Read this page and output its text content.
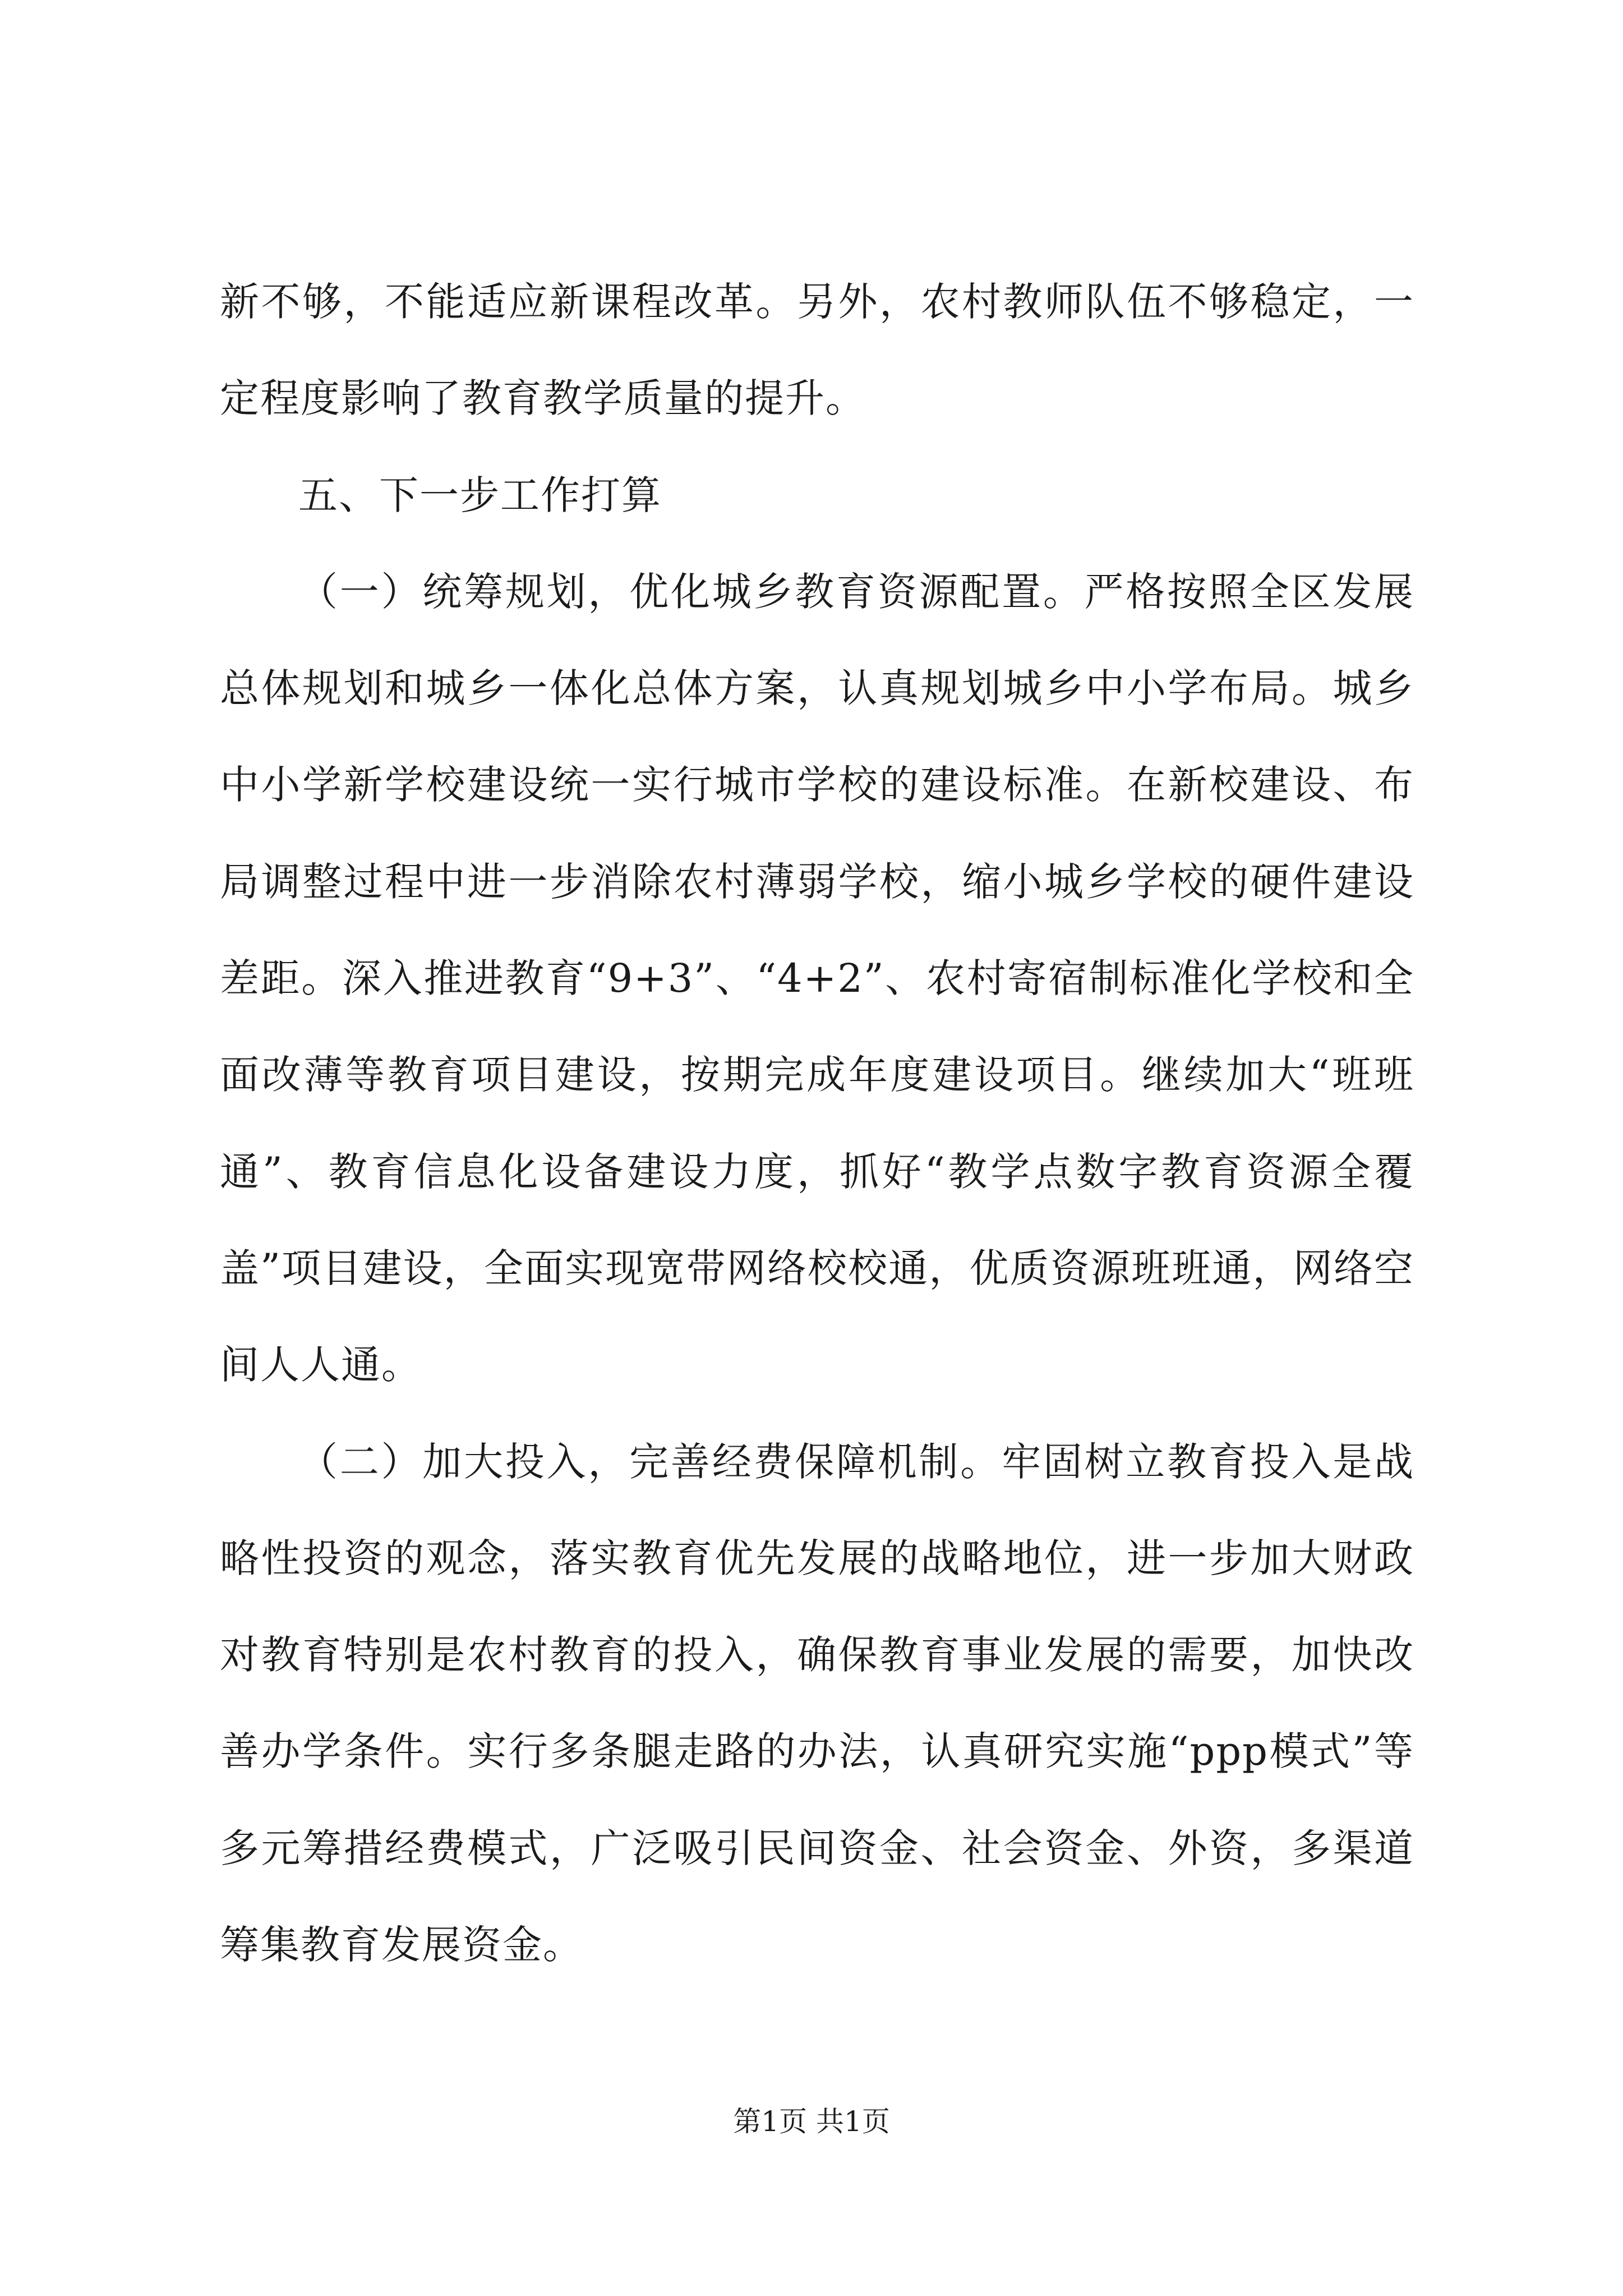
新不够，不能适应新课程改革。另外，农村教师队伍不够稳定，一定程度影响了教育教学质量的提升。

五、下一步工作打算

（一）统筹规划，优化城乡教育资源配置。严格按照全区发展总体规划和城乡一体化总体方案，认真规划城乡中小学布局。城乡中小学新学校建设统一实行城市学校的建设标准。在新校建设、布局调整过程中进一步消除农村薄弱学校，缩小城乡学校的硬件建设差距。深入推进教育“9+3”、“4+2”、农村寄宿制标准化学校和全面改薄等教育项目建设，按期完成年度建设项目。继续加大“班班通”、教育信息化设备建设力度，抓好“教学点数字教育资源全覆盖”项目建设，全面实现宽带网络校校通，优质资源班班通，网络空间人人通。

（二）加大投入，完善经费保障机制。牢固树立教育投入是战略性投资的观念，落实教育优先发展的战略地位，进一步加大财政对教育特别是农村教育的投入，确保教育事业发展的需要，加快改善办学条件。实行多条腿走路的办法，认真研究实施“ppp模式”等多元筹措经费模式，广泛吸引民间资金、社会资金、外资，多渠道筹集教育发展资金。

第1页 共1页
